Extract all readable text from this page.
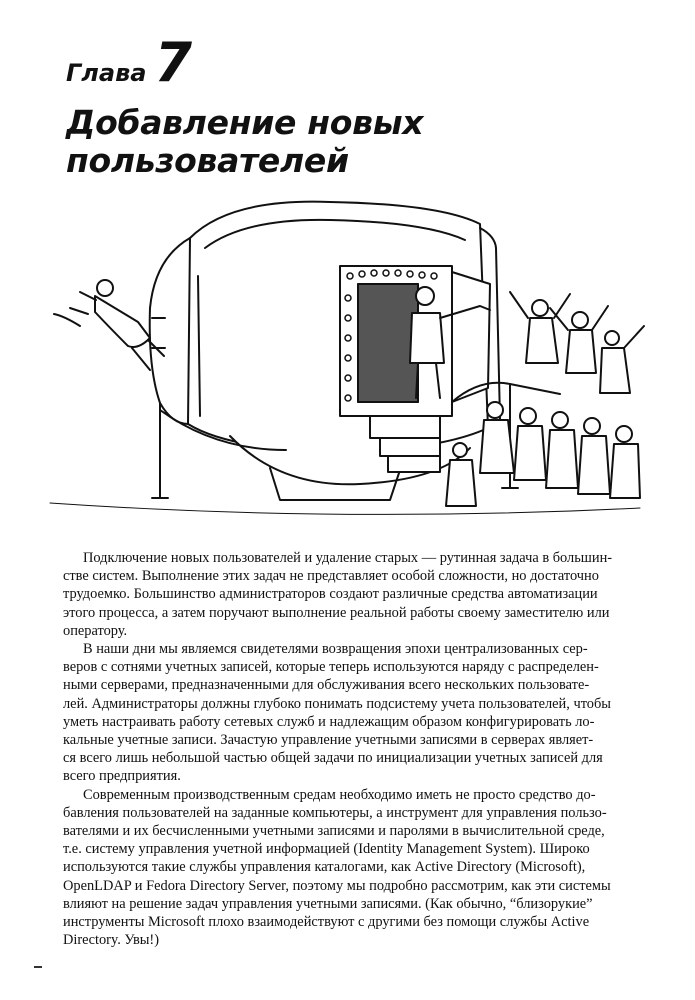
Глава 7
Добавление новых
пользователей

Подключение новых пользователей и удаление старых — рутинная задача в большин-
стве систем. Выполнение этих задач не представляет особой сложности, но достаточно
трудоемко. Большинство администраторов создают различные средства автоматизации
этого процесса, а затем поручают выполнение реальной работы своему заместителю или
оператору.

В наши дни мы являемся свидетелями возвращения эпохи централизованных сер-
веров с сотнями учетных записей, которые теперь используются наряду с распределен-
ными серверами, предназначенными для обслуживания всего нескольких пользовате-
лей. Администраторы должны глубоко понимать подсистему учета пользователей, чтобы
уметь настраивать работу сетевых служб и надлежащим образом конфигурировать ло-
кальные учетные записи. Зачастую управление учетными записями в серверах являет-
ся всего лишь небольшой частью общей задачи по инициализации учетных записей для
всего предприятия.

Современным производственным средам необходимо иметь не просто средство до-
бавления пользователей на заданные компьютеры, а инструмент для управления пользо-
вателями и их бесчисленными учетными записями и паролями в вычислительной среде,
т.е. систему управления учетной информацией (Identity Management System). Широко
используются такие службы управления каталогами, как Active Directory (Microsoft),
OpenLDAP и Fedora Directory Server, поэтому мы подробно рассмотрим, как эти системы
влияют на решение задач управления учетными записями. (Как обычно, “близорукие”
инструменты Microsoft плохо взаимодействуют с другими без помощи службы Active
Directory. Увы!)
